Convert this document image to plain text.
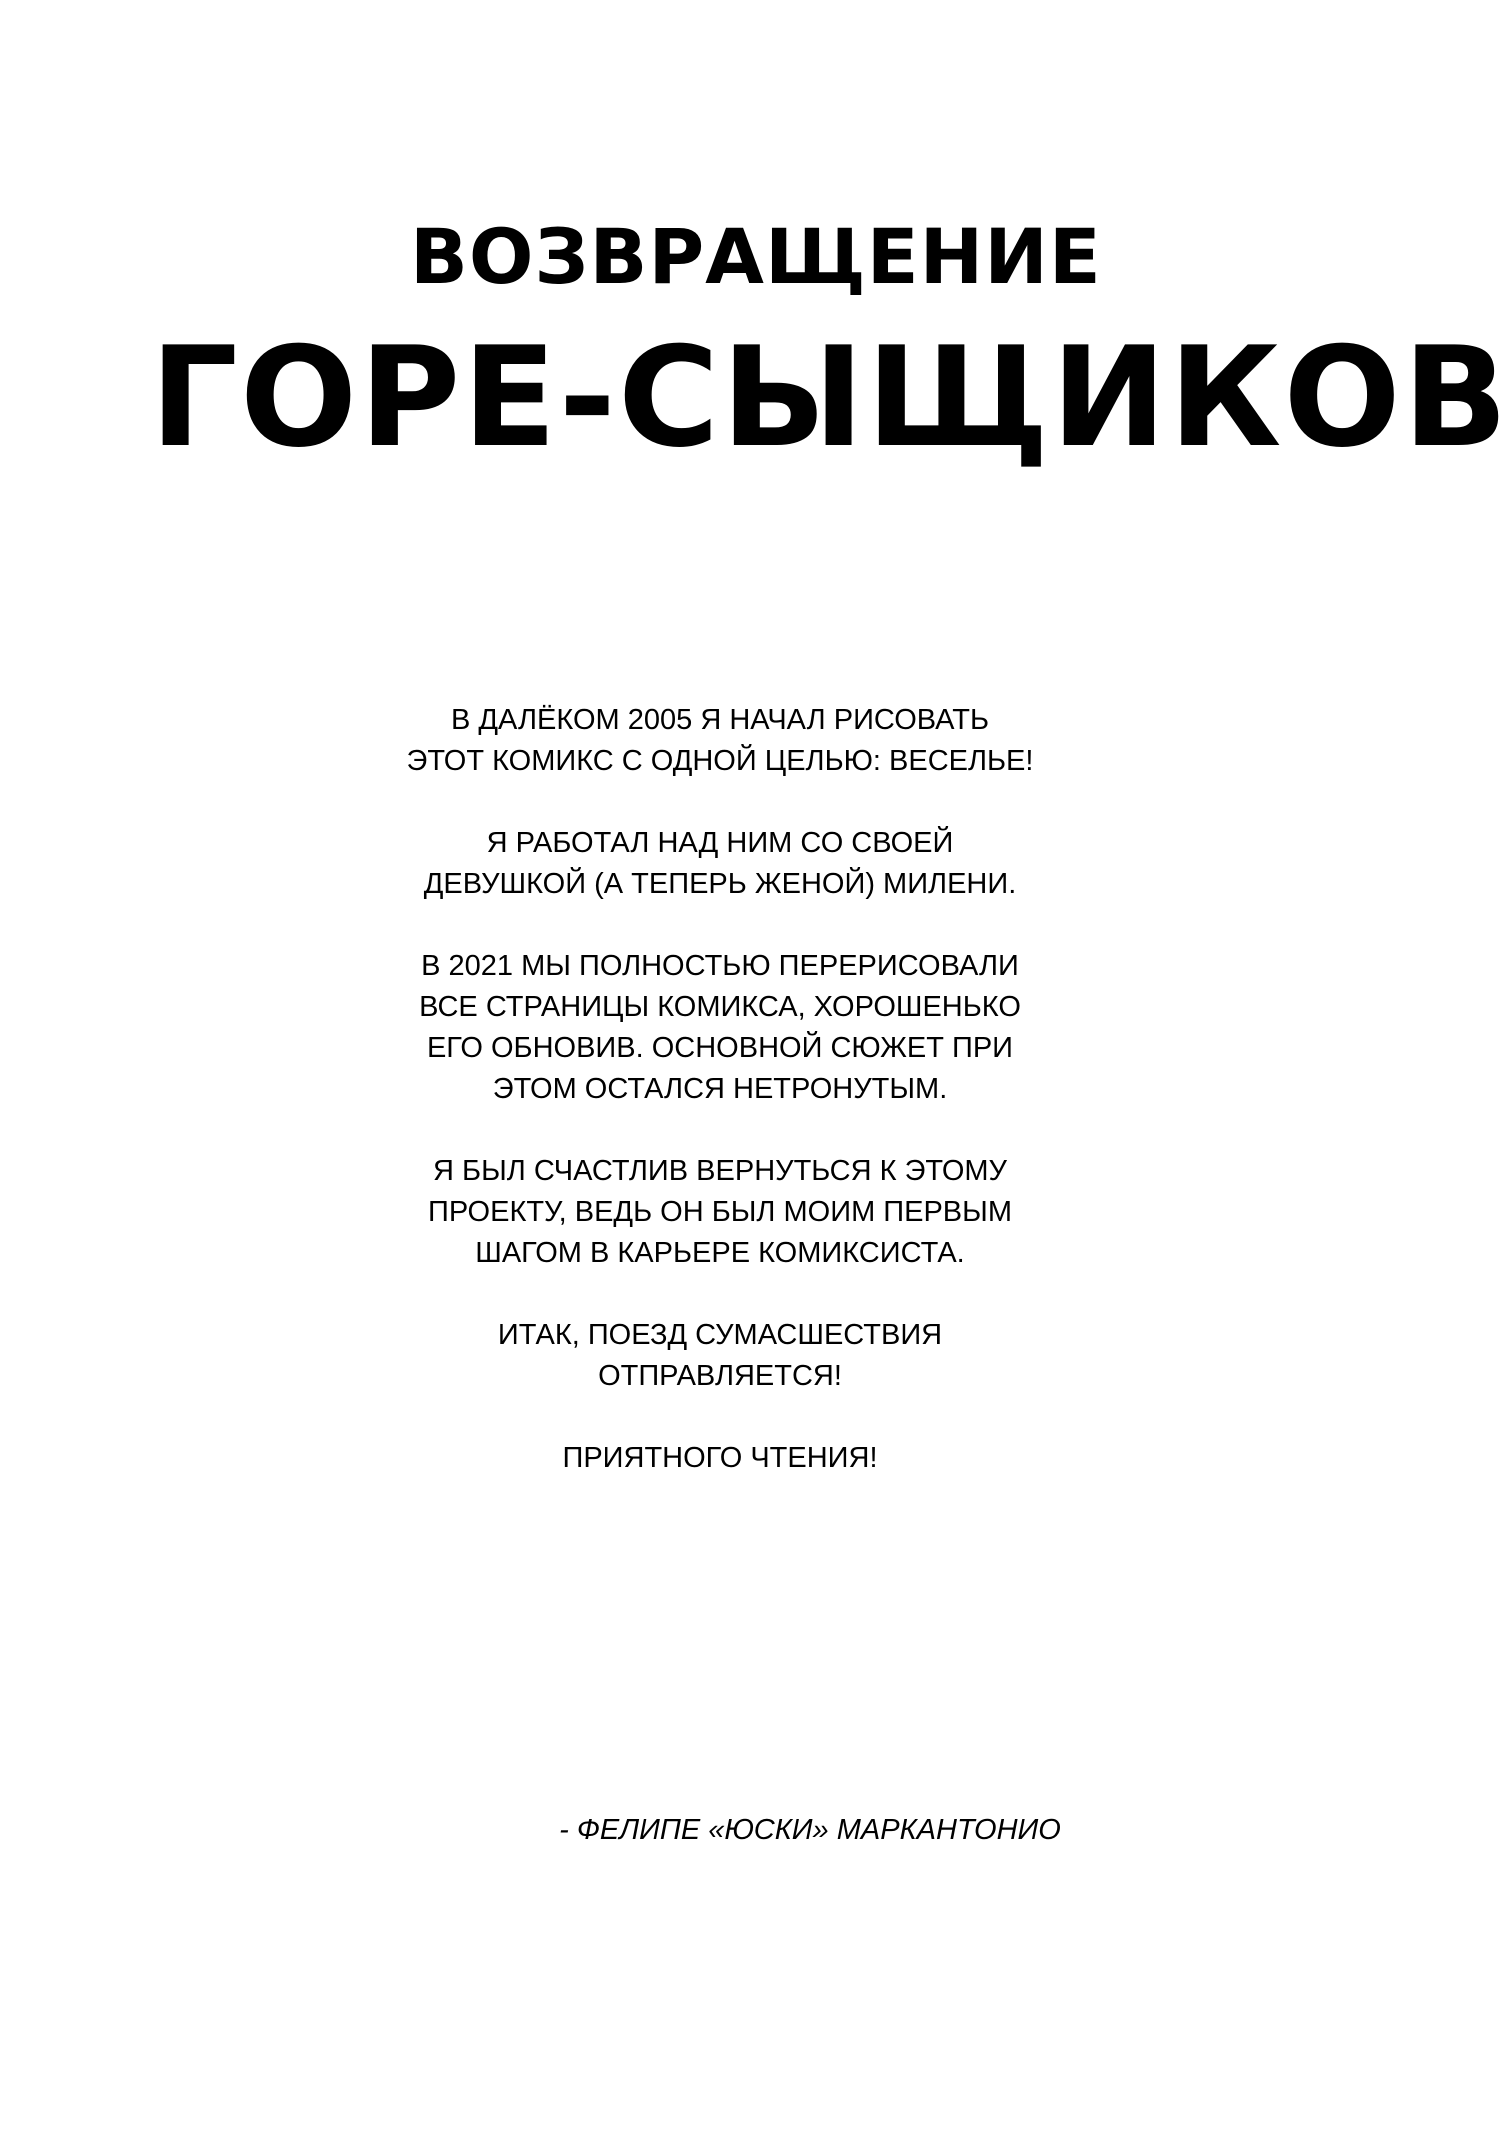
ВОЗВРАЩЕНИЕ
ГОРЕ-СЫЩИКОВ
В ДАЛЁКОМ 2005 Я НАЧАЛ РИСОВАТЬ
ЭТОТ КОМИКС С ОДНОЙ ЦЕЛЬЮ: ВЕСЕЛЬЕ!
Я РАБОТАЛ НАД НИМ СО СВОЕЙ
ДЕВУШКОЙ (А ТЕПЕРЬ ЖЕНОЙ) МИЛЕНИ.
В 2021 МЫ ПОЛНОСТЬЮ ПЕРЕРИСОВАЛИ
ВСЕ СТРАНИЦЫ КОМИКСА, ХОРОШЕНЬКО
ЕГО ОБНОВИВ. ОСНОВНОЙ СЮЖЕТ ПРИ
ЭТОМ ОСТАЛСЯ НЕТРОНУТЫМ.
Я БЫЛ СЧАСТЛИВ ВЕРНУТЬСЯ К ЭТОМУ
ПРОЕКТУ, ВЕДЬ ОН БЫЛ МОИМ ПЕРВЫМ
ШАГОМ В КАРЬЕРЕ КОМИКСИСТА.
ИТАК, ПОЕЗД СУМАСШЕСТВИЯ
ОТПРАВЛЯЕТСЯ!
ПРИЯТНОГО ЧТЕНИЯ!
- ФЕЛИПЕ «ЮСКИ» МАРКАНТОНИО
